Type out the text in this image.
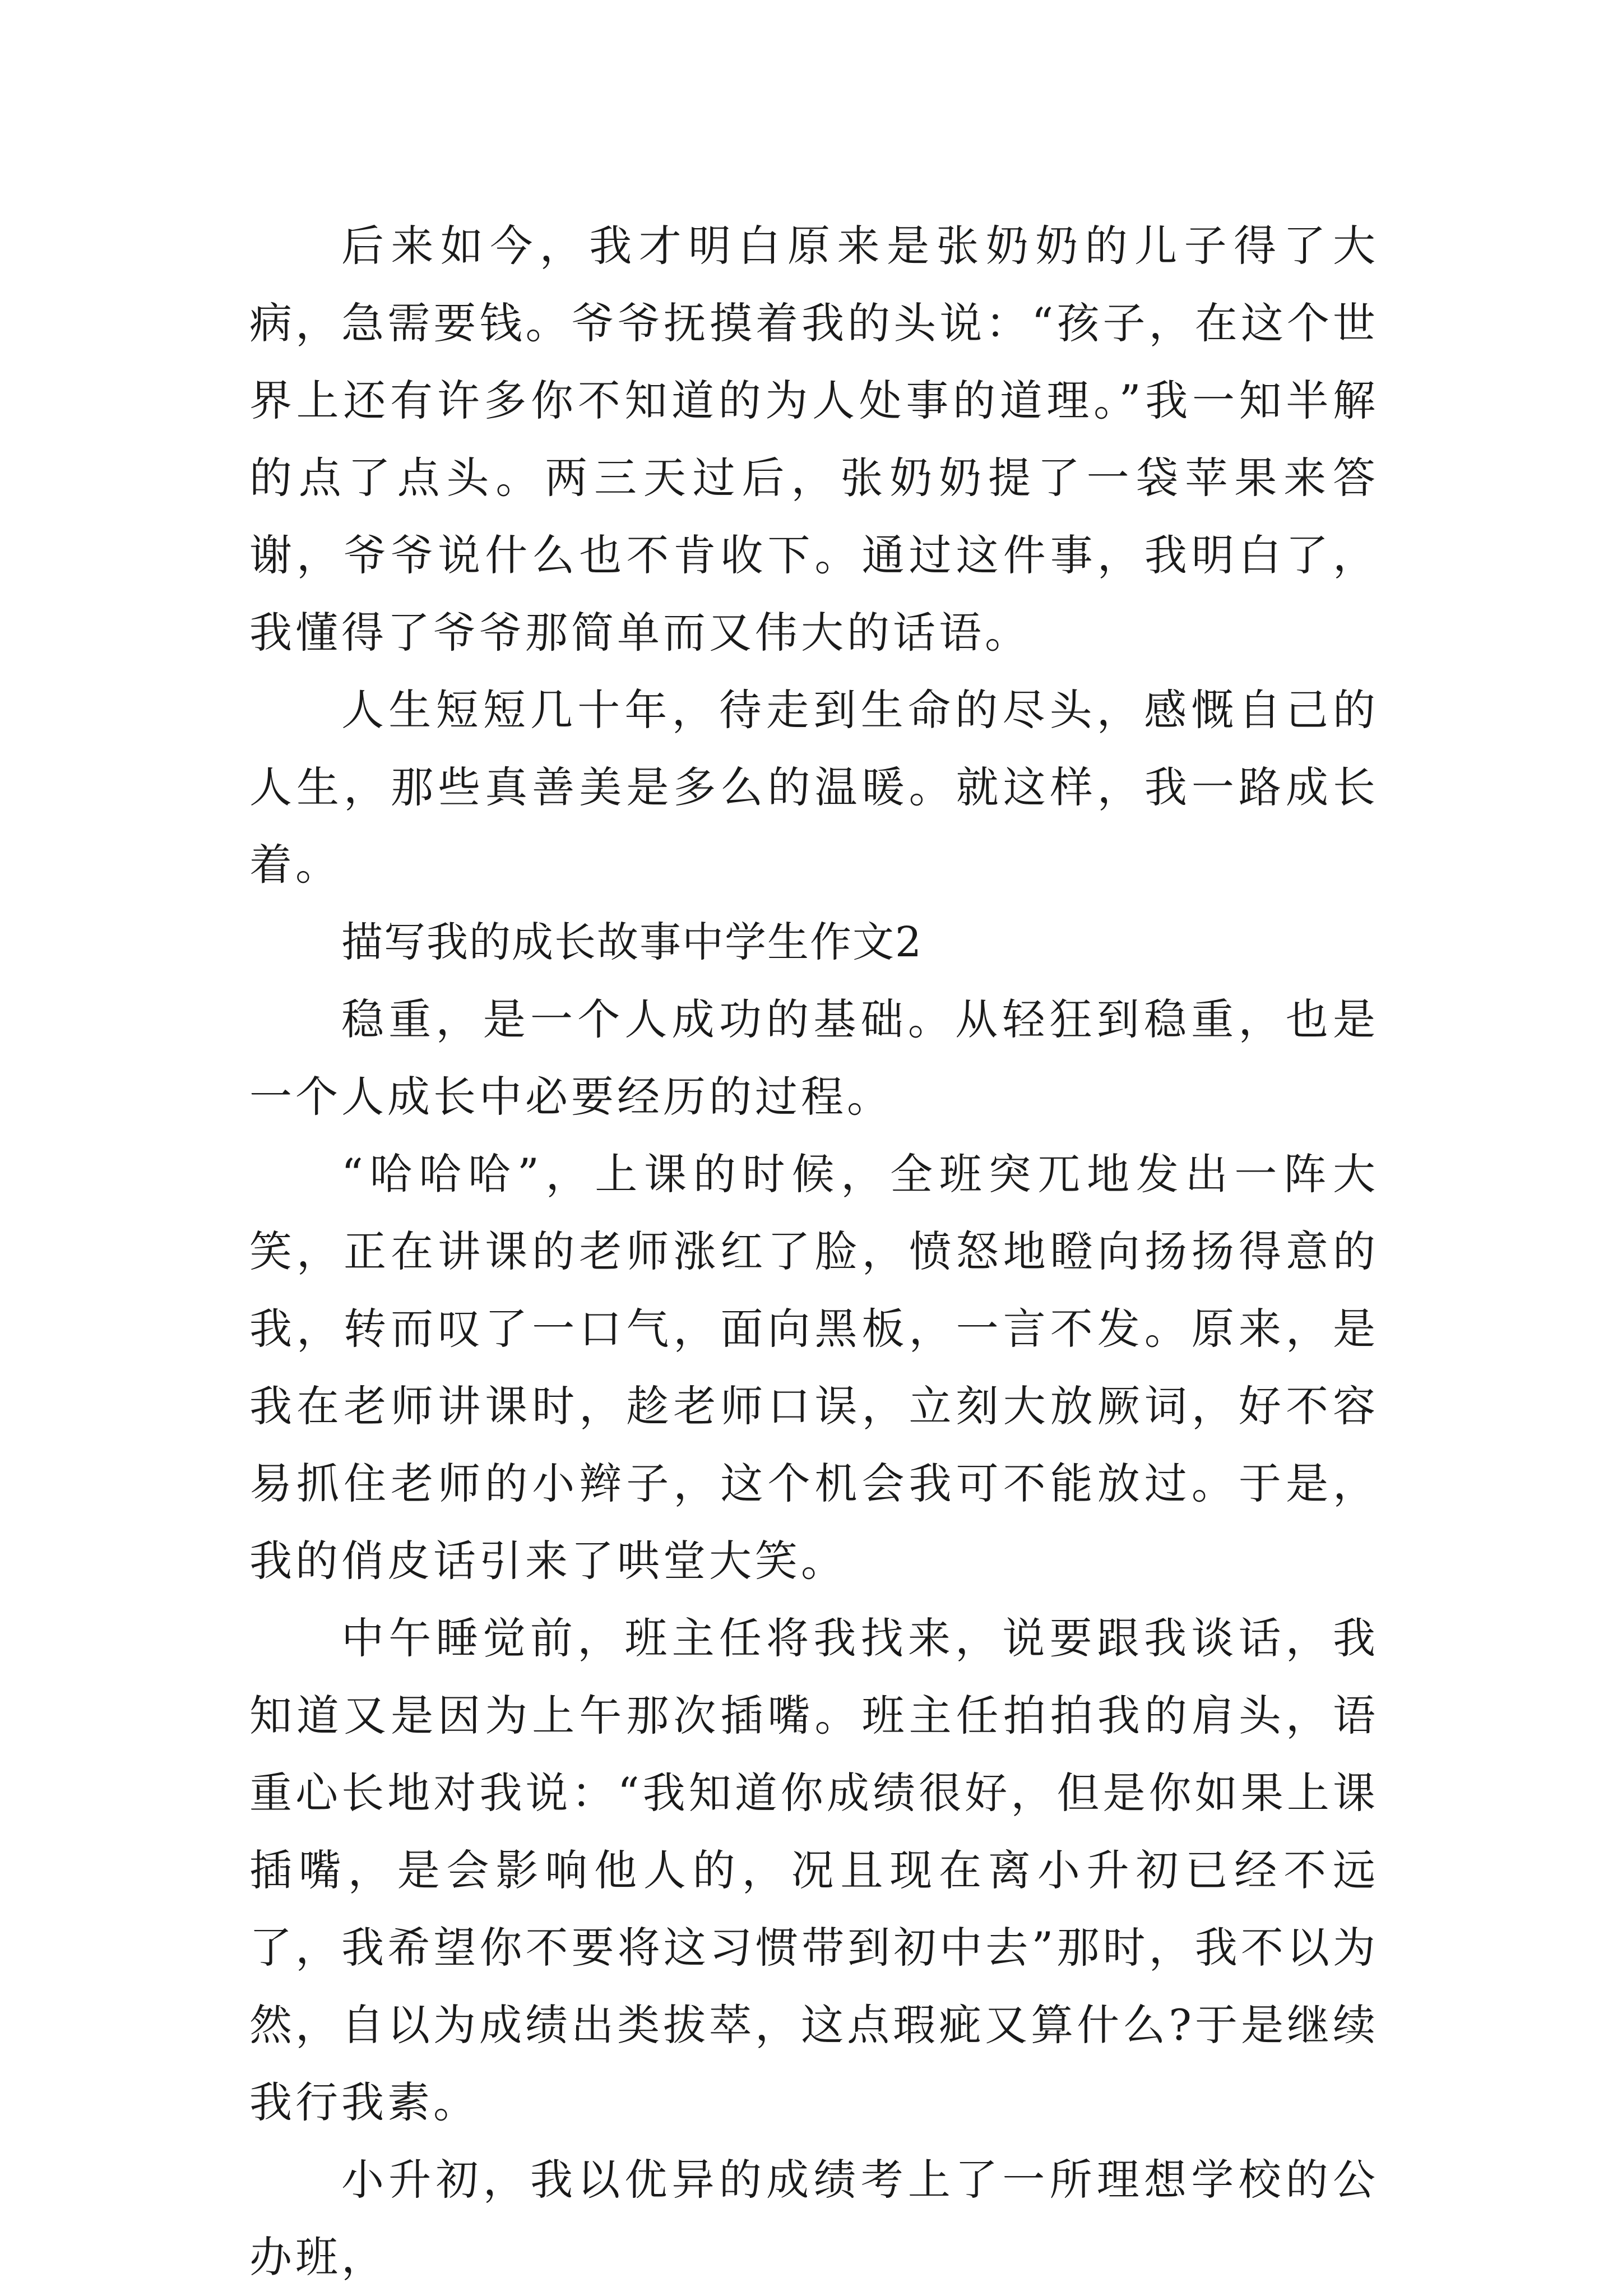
后来如今，我才明白原来是张奶奶的儿子得了大病，急需要钱。爷爷抚摸着我的头说：“孩子，在这个世界上还有许多你不知道的为人处事的道理。”我一知半解的点了点头。两三天过后，张奶奶提了一袋苹果来答谢，爷爷说什么也不肯收下。通过这件事，我明白了，我懂得了爷爷那简单而又伟大的话语。

人生短短几十年，待走到生命的尽头，感慨自己的人生，那些真善美是多么的温暖。就这样，我一路成长着。

描写我的成长故事中学生作文2

稳重，是一个人成功的基础。从轻狂到稳重，也是一个人成长中必要经历的过程。

“哈哈哈”，上课的时候，全班突兀地发出一阵大笑，正在讲课的老师涨红了脸，愤怒地瞪向扬扬得意的我，转而叹了一口气，面向黑板，一言不发。原来，是我在老师讲课时，趁老师口误，立刻大放厥词，好不容易抓住老师的小辫子，这个机会我可不能放过。于是，我的俏皮话引来了哄堂大笑。

中午睡觉前，班主任将我找来，说要跟我谈话，我知道又是因为上午那次插嘴。班主任拍拍我的肩头，语重心长地对我说：“我知道你成绩很好，但是你如果上课插嘴，是会影响他人的，况且现在离小升初已经不远了，我希望你不要将这习惯带到初中去”那时，我不以为然，自以为成绩出类拔萃，这点瑕疵又算什么?于是继续我行我素。

小升初，我以优异的成绩考上了一所理想学校的公办班，
